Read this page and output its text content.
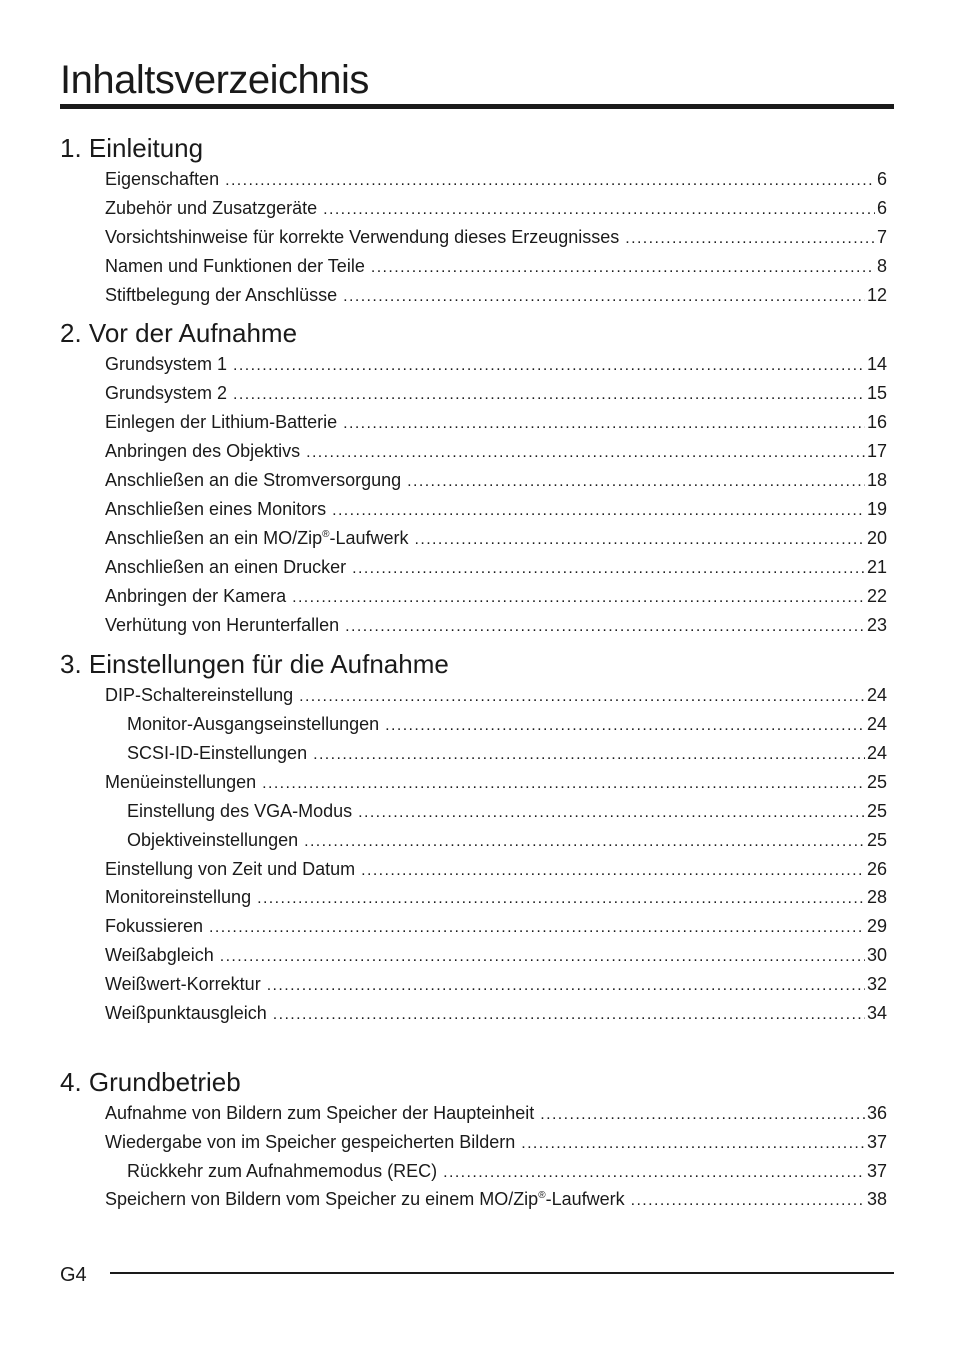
Inhaltsverzeichnis
1. Einleitung
Eigenschaften .....	6
Zubehör und Zusatzgeräte .....	6
Vorsichtshinweise für korrekte Verwendung dieses Erzeugnisses .....	7
Namen und Funktionen der Teile .....	8
Stiftbelegung der Anschlüsse .....	12
2. Vor der Aufnahme
Grundsystem 1 .....	14
Grundsystem 2 .....	15
Einlegen der Lithium-Batterie .....	16
Anbringen des Objektivs .....	17
Anschließen an die Stromversorgung .....	18
Anschließen eines Monitors .....	19
Anschließen an ein MO/Zip®-Laufwerk .....	20
Anschließen an einen Drucker .....	21
Anbringen der Kamera .....	22
Verhütung von Herunterfallen .....	23
3. Einstellungen für die Aufnahme
DIP-Schaltereinstellung .....	24
Monitor-Ausgangseinstellungen .....	24
SCSI-ID-Einstellungen .....	24
Menüeinstellungen .....	25
Einstellung des VGA-Modus .....	25
Objektiveinstellungen .....	25
Einstellung von Zeit und Datum .....	26
Monitoreinstellung .....	28
Fokussieren .....	29
Weißabgleich .....	30
Weißwert-Korrektur .....	32
Weißpunktausgleich .....	34
4. Grundbetrieb
Aufnahme von Bildern zum Speicher der Haupteinheit .....	36
Wiedergabe von im Speicher gespeicherten Bildern .....	37
Rückkehr zum Aufnahmemodus (REC) .....	37
Speichern von Bildern vom Speicher zu einem MO/Zip®-Laufwerk .....	38
G4
